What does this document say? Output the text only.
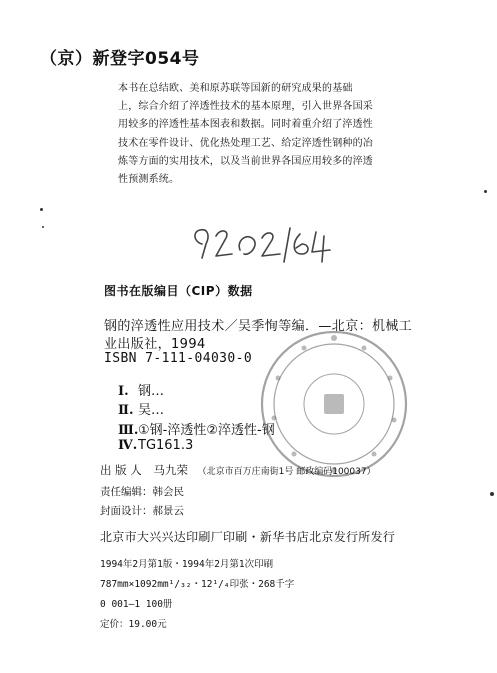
（京）新登字054号

本书在总结欧、美和原苏联等国新的研究成果的基础

上，综合介绍了淬透性技术的基本原理，引入世界各国采

用较多的淬透性基本图表和数据。同时着重介绍了淬透性

技术在零件设计、优化热处理工艺、给定淬透性钢种的冶

炼等方面的实用技术，以及当前世界各国应用较多的淬透

性预测系统。

图书在版编目（CIP）数据
钢的淬透性应用技术／吴季恂等编．—北京：机械工
业出版社，1994
ISBN 7-111-04030-0
Ⅰ. 钢…
Ⅱ. 吴…
Ⅲ.①钢-淬透性②淬透性-钢
Ⅳ.TG161.3
出 版 人 马九荣 （北京市百万庄南街1号 邮政编码100037）
责任编辑：韩会民
封面设计：郝景云
北京市大兴兴达印刷厂印刷・新华书店北京发行所发行
1994年2月第1版・1994年2月第1次印刷
787mm×1092mm¹/₃₂・12¹/₄印张・268千字
0 001—1 100册
定价：19.00元
